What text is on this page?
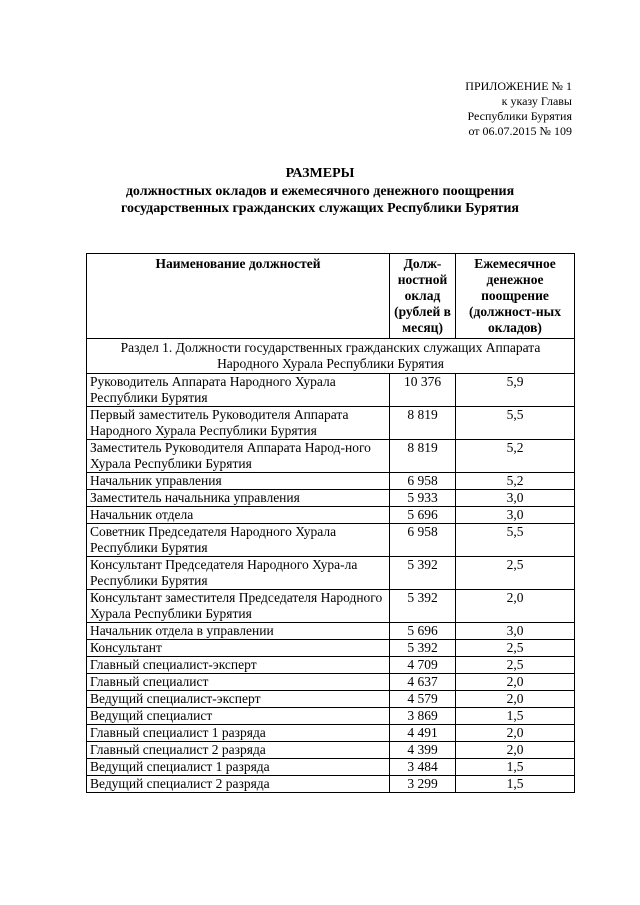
ПРИЛОЖЕНИЕ № 1
к указу Главы
Республики Бурятия
от 06.07.2015 № 109
РАЗМЕРЫ
должностных окладов и ежемесячного денежного поощрения
государственных гражданских служащих Республики Бурятия
Наименование должностей	Долж-ностной оклад (рублей в месяц)	Ежемесячное денежное поощрение (должност-ных окладов)
Раздел 1. Должности государственных гражданских служащих Аппарата Народного Хурала Республики Бурятия		
Руководитель Аппарата Народного Хурала Республики Бурятия	10 376	5,9
Первый заместитель Руководителя Аппарата Народного Хурала Республики Бурятия	8 819	5,5
Заместитель Руководителя Аппарата Народ-ного Хурала Республики Бурятия	8 819	5,2
Начальник управления	6 958	5,2
Заместитель начальника управления	5 933	3,0
Начальник отдела	5 696	3,0
Советник Председателя Народного Хурала Республики Бурятия	6 958	5,5
Консультант Председателя Народного Хура-ла Республики Бурятия	5 392	2,5
Консультант заместителя Председателя Народного Хурала Республики Бурятия	5 392	2,0
Начальник отдела в управлении	5 696	3,0
Консультант	5 392	2,5
Главный специалист-эксперт	4 709	2,5
Главный специалист	4 637	2,0
Ведущий специалист-эксперт	4 579	2,0
Ведущий специалист	3 869	1,5
Главный специалист 1 разряда	4 491	2,0
Главный специалист 2 разряда	4 399	2,0
Ведущий специалист 1 разряда	3 484	1,5
Ведущий специалист 2 разряда	3 299	1,5
